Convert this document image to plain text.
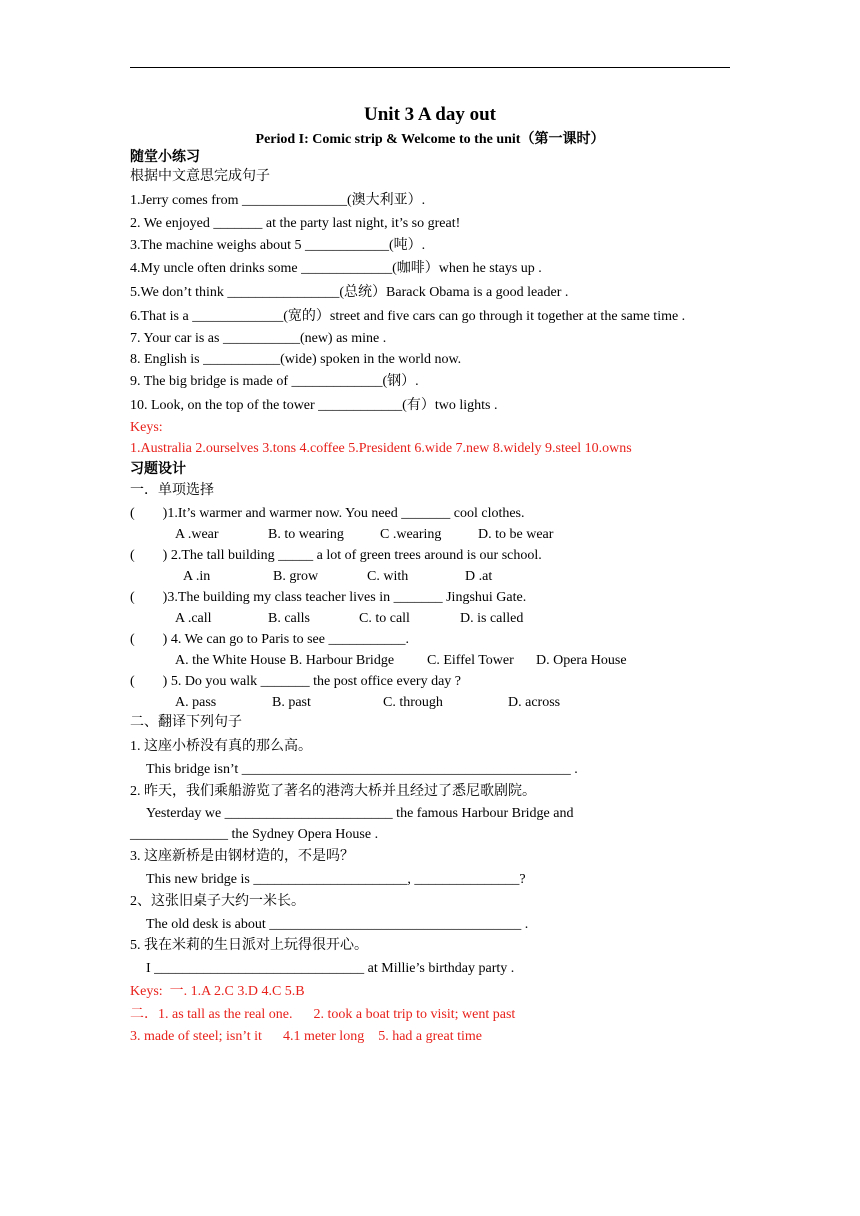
Unit 3 A day out
Period I: Comic strip & Welcome to the unit（第一课时）
随堂小练习
根据中文意思完成句子
1.Jerry comes from _______________(澳大利亚）.
2. We enjoyed _______ at the party last night, it’s so great!
3.The machine weighs about 5 ____________(吨）.
4.My uncle often drinks some _____________(咖啡）when he stays up .
5.We don’t think ________________(总统）Barack Obama is a good leader .
6.That is a _____________(宽的）street and five cars can go through it together at the same time .
7. Your car is as ___________(new) as mine .
8. English is ___________(wide) spoken in the world now.
9. The big bridge is made of _____________(钢）.
10. Look, on the top of the tower ____________(有）two lights .
Keys:
1.Australia 2.ourselves 3.tons 4.coffee 5.President 6.wide 7.new 8.widely 9.steel 10.owns
习题设计
一．单项选择
(        )1.It’s warmer and warmer now. You need _______ cool clothes.
A .wear	B. to wearing	C .wearing	D. to be wear
(        ) 2.The tall building _____ a lot of green trees around is our school.
A .in	B. grow	C. with	D .at
(        )3.The building my class teacher lives in _______ Jingshui Gate.
A .call	B. calls	C. to call	D. is called
(        ) 4. We can go to Paris to see ___________.
A. the White House B. Harbour Bridge C. Eiffel Tower D. Opera House
(        ) 5. Do you walk _______ the post office every day ?
A. pass	B. past	C. through	D. across
二、翻译下列句子
1. 这座小桥没有真的那么高。
This bridge isn’t _______________________________________________ .
2. 昨天，我们乘船游览了著名的港湾大桥并且经过了悉尼歌剧院。
Yesterday we ________________________ the famous Harbour Bridge and
______________ the Sydney Opera House .
3. 这座新桥是由钢材造的，不是吗？
This new bridge is ______________________, _______________?
2、这张旧桌子大约一米长。
The old desk is about ____________________________________ .
5. 我在米莉的生日派对上玩得很开心。
I ______________________________ at Millie’s birthday party .
Keys:  一. 1.A 2.C 3.D 4.C 5.B
二．1. as tall as the real one.      2. took a boat trip to visit; went past
3. made of steel; isn’t it      4.1 meter long    5. had a great time
